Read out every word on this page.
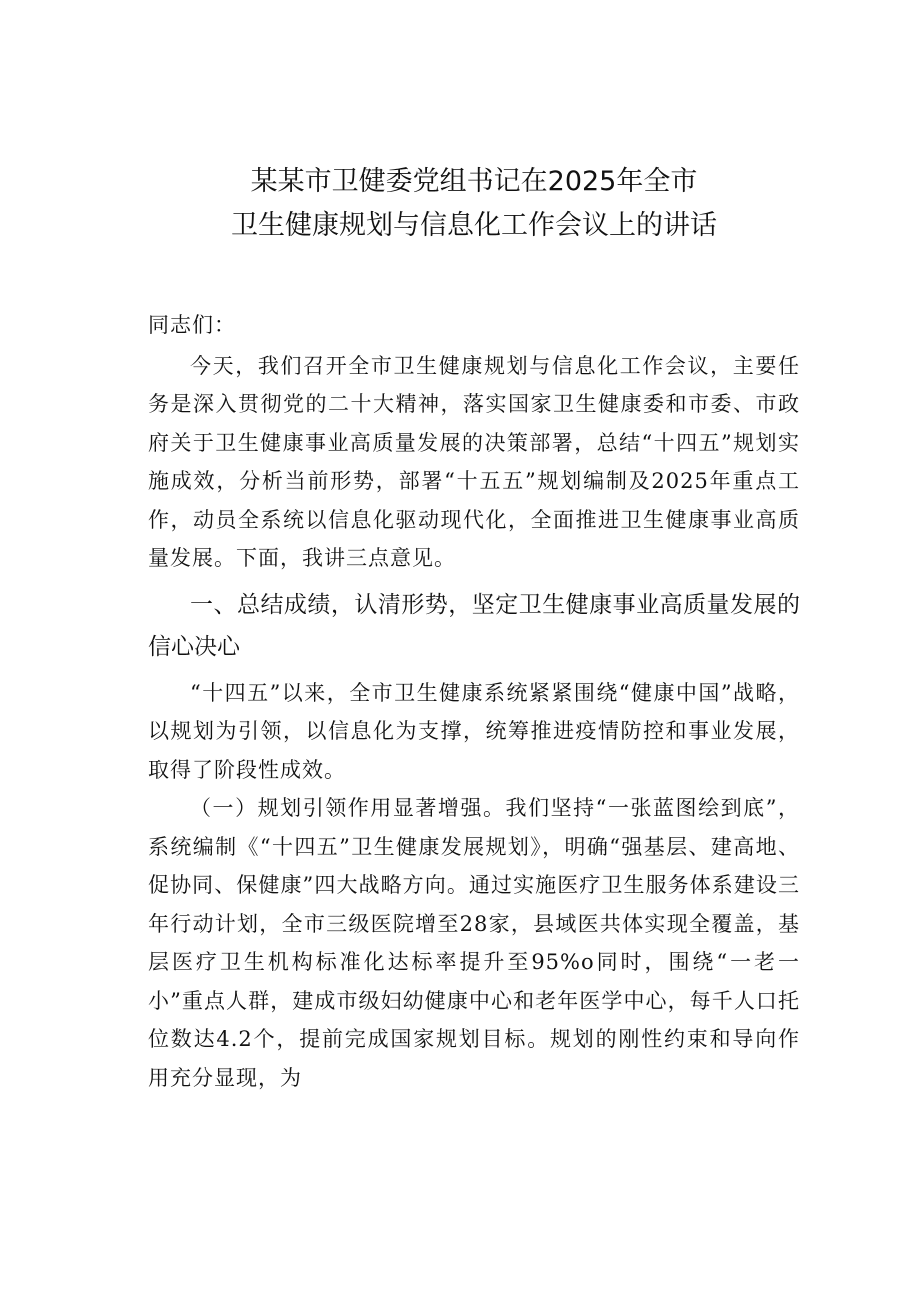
某某市卫健委党组书记在2025年全市
卫生健康规划与信息化工作会议上的讲话

同志们：

今天，我们召开全市卫生健康规划与信息化工作会议，主要任务是深入贯彻党的二十大精神，落实国家卫生健康委和市委、市政府关于卫生健康事业高质量发展的决策部署，总结“十四五”规划实施成效，分析当前形势，部署“十五五”规划编制及2025年重点工作，动员全系统以信息化驱动现代化，全面推进卫生健康事业高质量发展。下面，我讲三点意见。

一、总结成绩，认清形势，坚定卫生健康事业高质量发展的信心决心

“十四五”以来，全市卫生健康系统紧紧围绕“健康中国”战略，以规划为引领，以信息化为支撑，统筹推进疫情防控和事业发展，取得了阶段性成效。

（一）规划引领作用显著增强。我们坚持“一张蓝图绘到底”，系统编制《“十四五”卫生健康发展规划》，明确“强基层、建高地、促协同、保健康”四大战略方向。通过实施医疗卫生服务体系建设三年行动计划，全市三级医院增至28家，县域医共体实现全覆盖，基层医疗卫生机构标准化达标率提升至95%o同时，围绕“一老一小”重点人群，建成市级妇幼健康中心和老年医学中心，每千人口托位数达4.2个，提前完成国家规划目标。规划的刚性约束和导向作用充分显现，为
